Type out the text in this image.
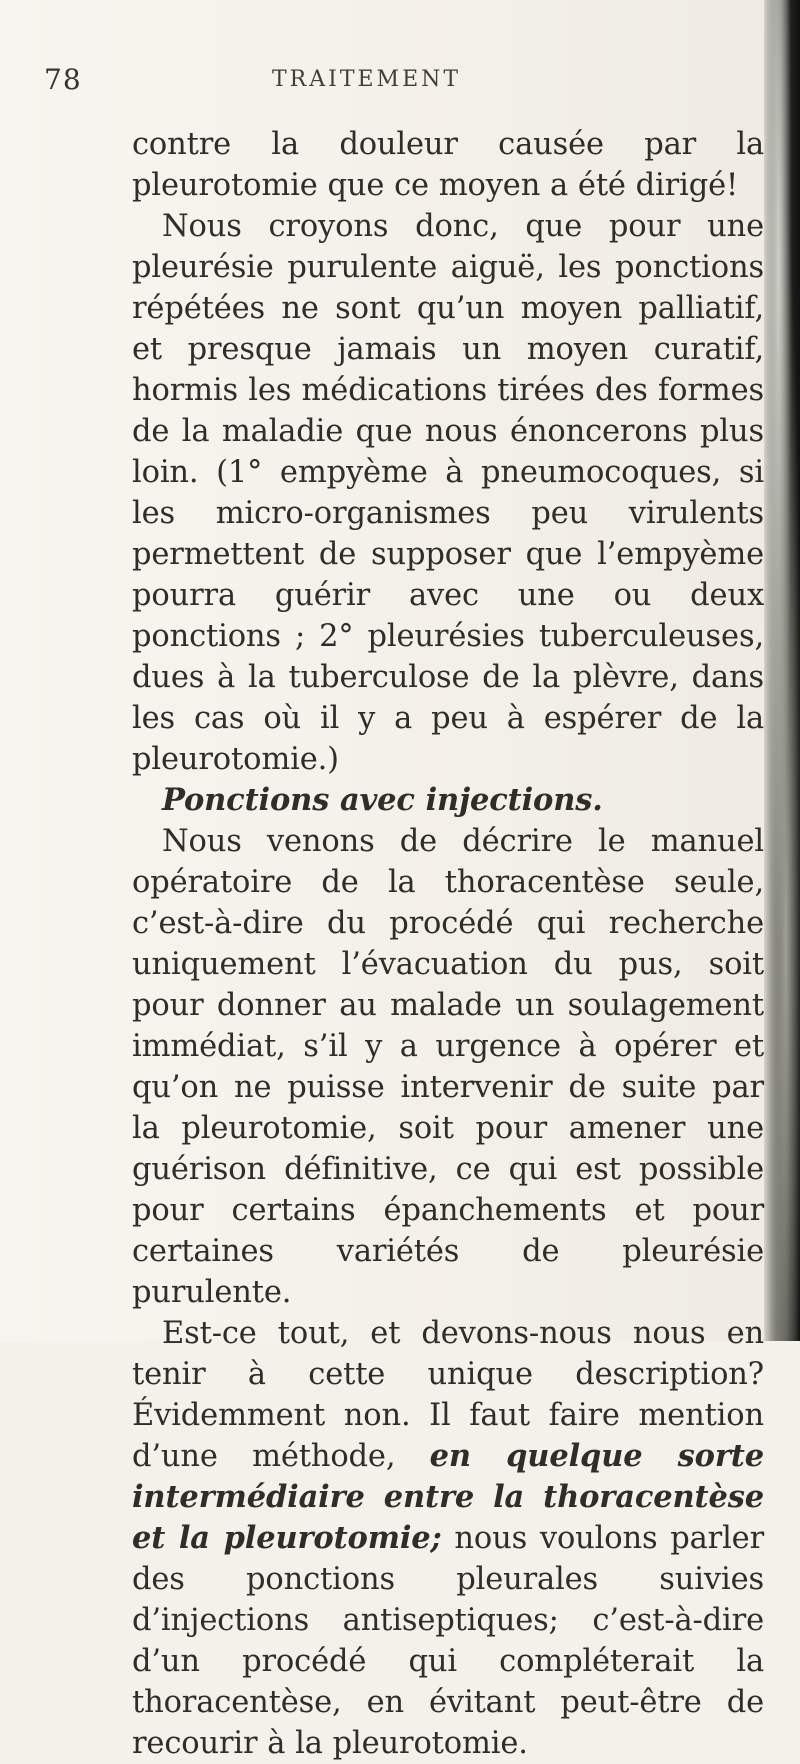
78	TRAITEMENT

contre la douleur causée par la pleurotomie que ce moyen a été dirigé!

Nous croyons donc, que pour une pleurésie purulente aiguë, les ponctions répétées ne sont qu’un moyen palliatif, et presque jamais un moyen curatif, hormis les médications tirées des formes de la maladie que nous énoncerons plus loin. (1° empyème à pneumocoques, si les micro-organismes peu virulents permettent de supposer que l’empyème pourra guérir avec une ou deux ponctions ; 2° pleurésies tuberculeuses, dues à la tuberculose de la plèvre, dans les cas où il y a peu à espérer de la pleurotomie.)

Ponctions avec injections.

Nous venons de décrire le manuel opératoire de la thoracentèse seule, c’est-à-dire du procédé qui recherche uniquement l’évacuation du pus, soit pour donner au malade un soulagement immédiat, s’il y a urgence à opérer et qu’on ne puisse intervenir de suite par la pleurotomie, soit pour amener une guérison définitive, ce qui est possible pour certains épanchements et pour certaines variétés de pleurésie purulente.

Est-ce tout, et devons-nous nous en tenir à cette unique description? Évidemment non. Il faut faire mention d’une méthode, en quelque sorte intermédiaire entre la thoracentèse et la pleurotomie; nous voulons parler des ponctions pleurales suivies d’injections antiseptiques; c’est-à-dire d’un procédé qui compléterait la thoracentèse, en évitant peut-être de recourir à la pleurotomie.
